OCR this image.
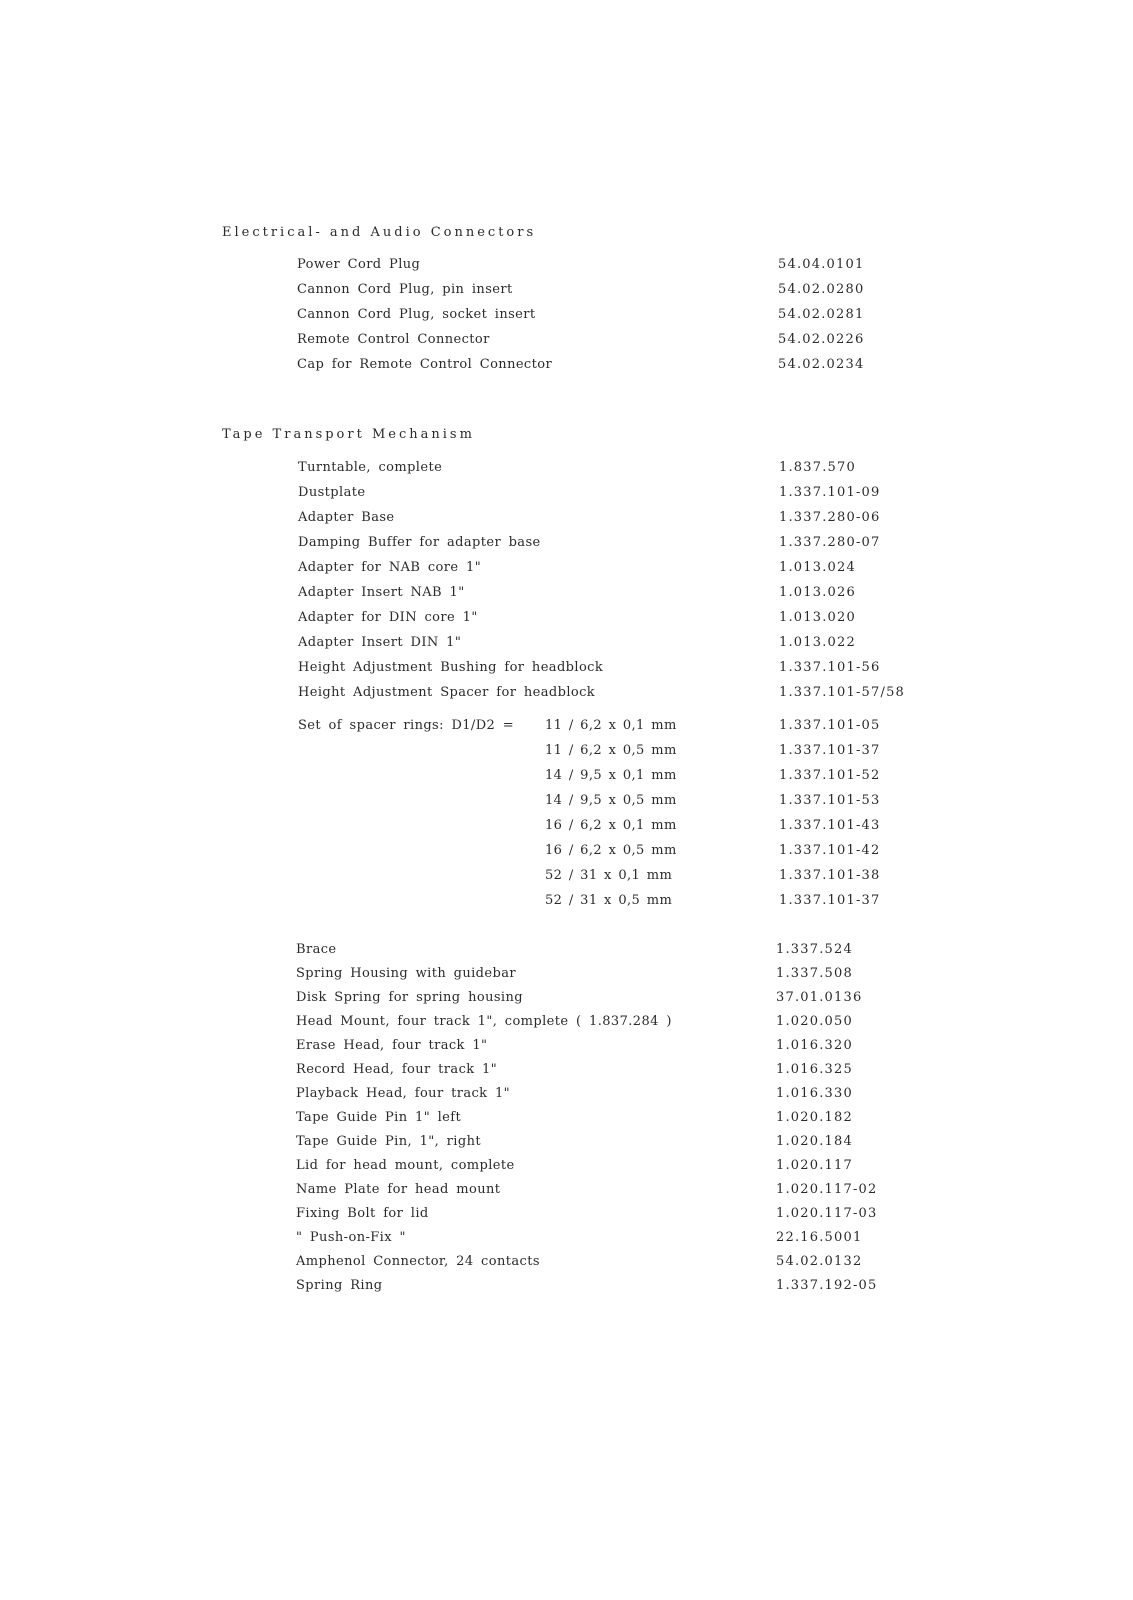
Electrical- and Audio Connectors
Power Cord Plug	54.04.0101
Cannon Cord Plug, pin insert	54.02.0280
Cannon Cord Plug, socket insert	54.02.0281
Remote Control Connector	54.02.0226
Cap for Remote Control Connector	54.02.0234
Tape Transport Mechanism
Turntable, complete	1.837.570
Dustplate	1.337.101-09
Adapter Base	1.337.280-06
Damping Buffer for adapter base	1.337.280-07
Adapter for NAB core 1"	1.013.024
Adapter Insert NAB 1"	1.013.026
Adapter for DIN core 1"	1.013.020
Adapter Insert DIN 1"	1.013.022
Height Adjustment Bushing for headblock	1.337.101-56
Height Adjustment Spacer for headblock	1.337.101-57/58
Set of spacer rings: D1/D2 = 11 / 6,2 x 0,1 mm	1.337.101-05
11 / 6,2 x 0,5 mm	1.337.101-37
14 / 9,5 x 0,1 mm	1.337.101-52
14 / 9,5 x 0,5 mm	1.337.101-53
16 / 6,2 x 0,1 mm	1.337.101-43
16 / 6,2 x 0,5 mm	1.337.101-42
52 / 31 x 0,1 mm	1.337.101-38
52 / 31 x 0,5 mm	1.337.101-37
Brace	1.337.524
Spring Housing with guidebar	1.337.508
Disk Spring for spring housing	37.01.0136
Head Mount, four track 1", complete ( 1.837.284 )	1.020.050
Erase Head, four track 1"	1.016.320
Record Head, four track 1"	1.016.325
Playback Head, four track 1"	1.016.330
Tape Guide Pin 1" left	1.020.182
Tape Guide Pin, 1", right	1.020.184
Lid for head mount, complete	1.020.117
Name Plate for head mount	1.020.117-02
Fixing Bolt for lid	1.020.117-03
" Push-on-Fix "	22.16.5001
Amphenol Connector, 24 contacts	54.02.0132
Spring Ring	1.337.192-05
